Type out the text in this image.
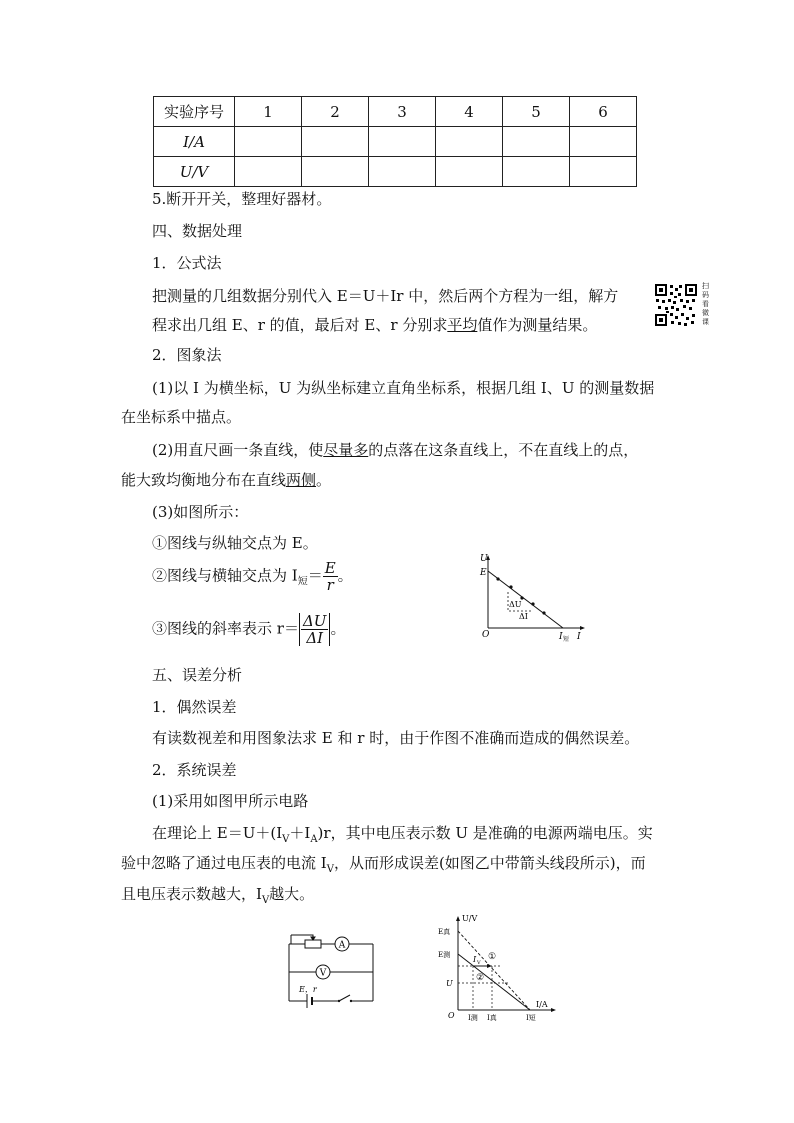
实验序号	1	2	3	4	5	6
I/A						
U/V						
5.断开开关，整理好器材。
四、数据处理
1．公式法
把测量的几组数据分别代入 E＝U＋Ir 中，然后两个方程为一组，解方
程求出几组 E、r 的值，最后对 E、r 分别求平均值作为测量结果。
扫码看微课
2．图象法
(1)以 I 为横坐标，U 为纵坐标建立直角坐标系，根据几组 I、U 的测量数据
在坐标系中描点。
(2)用直尺画一条直线，使尽量多的点落在这条直线上，不在直线上的点，
能大致均衡地分布在直线两侧。
(3)如图所示：
①图线与纵轴交点为 E。
②图线与横轴交点为 $I_短= \frac{E}{r}$ 。
③图线的斜率表示 $r= \frac{\Delta U}{\Delta I}$ 。
U
E
O
ΔU
ΔI
I 短 I
五、误差分析
1．偶然误差
有读数视差和用图象法求 E 和 r 时，由于作图不准确而造成的偶然误差。
2．系统误差
(1)采用如图甲所示电路
在理论上 $E=U+(I_V+I_A)r$，其中电压表示数 U 是准确的电源两端电压。实
验中忽略了通过电压表的电流 $I_V$，从而形成误差(如图乙中带箭头线段所示)，而
且电压表示数越大，$I_V$越大。
A
V
E，r
U/V
I/A
E真
E测
U
O
I V
①
②
I测 I真	I短
